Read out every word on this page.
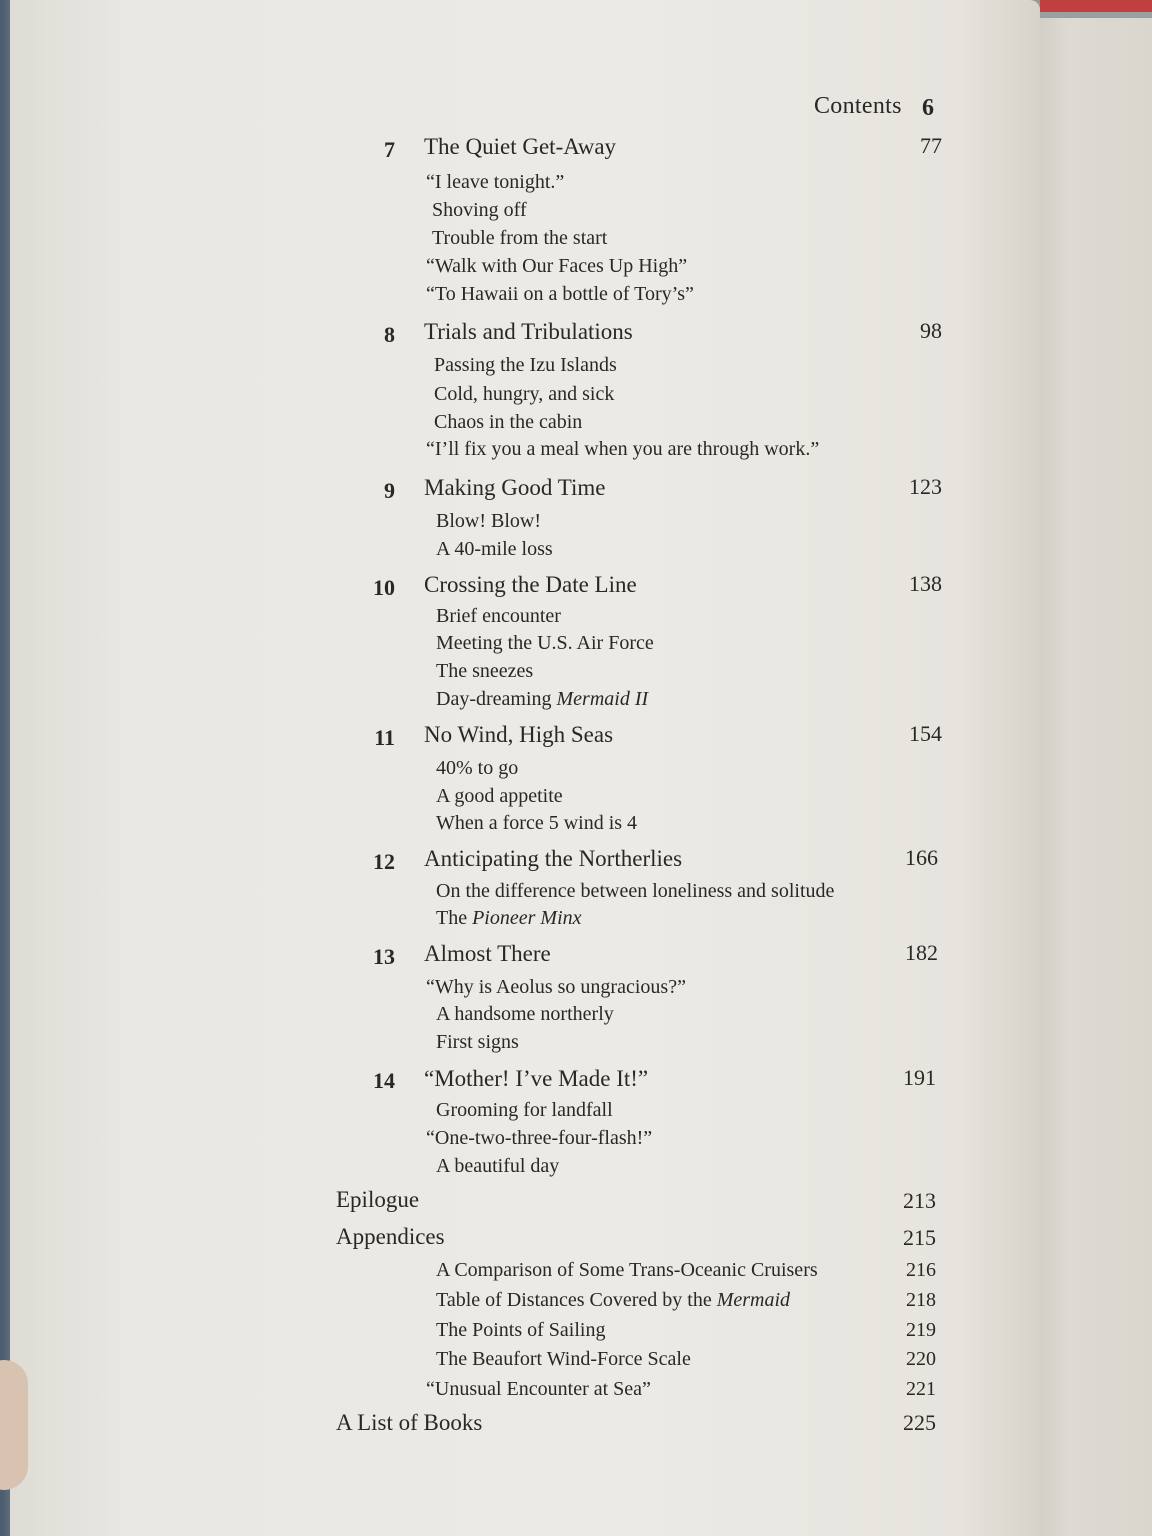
Contents 6
7 The Quiet Get-Away	77
“I leave tonight.”
Shoving off
Trouble from the start
“Walk with Our Faces Up High”
“To Hawaii on a bottle of Tory’s”
8 Trials and Tribulations	98
Passing the Izu Islands
Cold, hungry, and sick
Chaos in the cabin
“I’ll fix you a meal when you are through work.”
9 Making Good Time	123
Blow! Blow!
A 40-mile loss
10 Crossing the Date Line	138
Brief encounter
Meeting the U.S. Air Force
The sneezes
Day-dreaming Mermaid II
11 No Wind, High Seas	154
40% to go
A good appetite
When a force 5 wind is 4
12 Anticipating the Northerlies	166
On the difference between loneliness and solitude
The Pioneer Minx
13 Almost There	182
“Why is Aeolus so ungracious?”
A handsome northerly
First signs
14 “Mother! I’ve Made It!”	191
Grooming for landfall
“One-two-three-four-flash!”
A beautiful day
Epilogue	213
Appendices	215
A Comparison of Some Trans-Oceanic Cruisers	216
Table of Distances Covered by the Mermaid	218
The Points of Sailing	219
The Beaufort Wind-Force Scale	220
“Unusual Encounter at Sea”	221
A List of Books	225
